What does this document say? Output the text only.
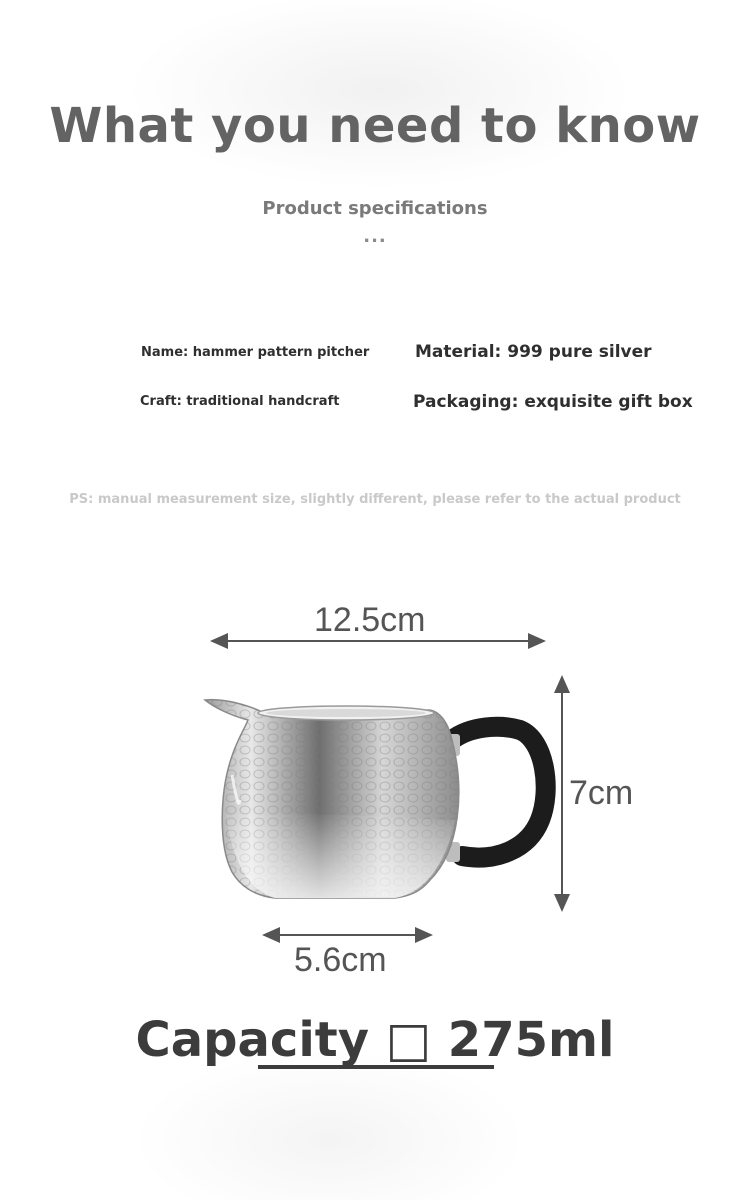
What you need to know
Product specifications
...
Name: hammer pattern pitcher	Material: 999 pure silver
Craft: traditional handcraft	Packaging: exquisite gift box
PS: manual measurement size, slightly different, please refer to the actual product
12.5cm
7cm
5.6cm
Capacity □ 275ml
